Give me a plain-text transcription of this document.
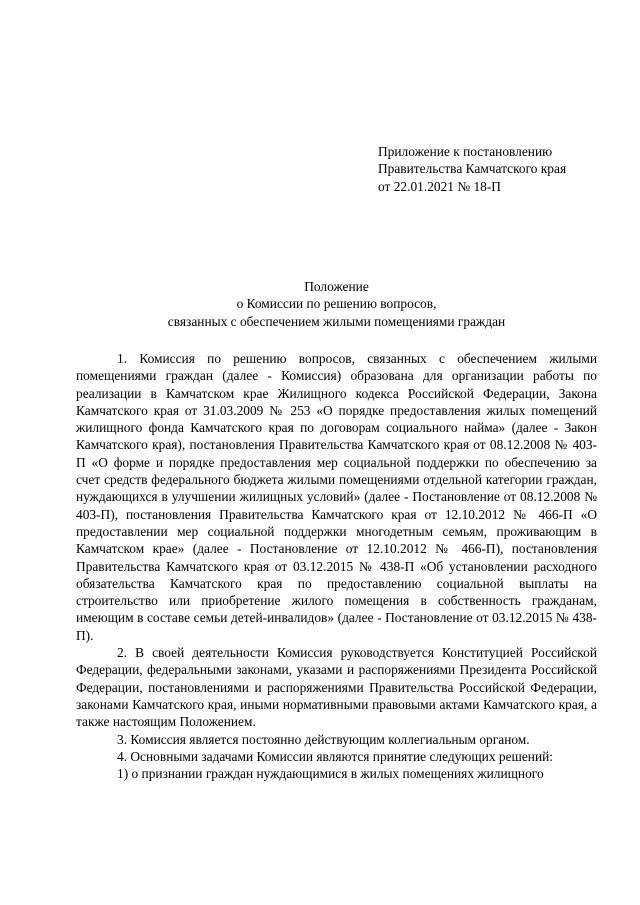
Приложение к постановлению
Правительства Камчатского края
от 22.01.2021 № 18-П
Положение
о Комиссии по решению вопросов,
связанных с обеспечением жилыми помещениями граждан

1. Комиссия по решению вопросов, связанных с обеспечением жилыми помещениями граждан (далее - Комиссия) образована для организации работы по реализации в Камчатском крае Жилищного кодекса Российской Федерации, Закона Камчатского края от 31.03.2009 № 253 «О порядке предоставления жилых помещений жилищного фонда Камчатского края по договорам социального найма» (далее - Закон Камчатского края), постановления Правительства Камчатского края от 08.12.2008 № 403-П «О форме и порядке предоставления мер социальной поддержки по обеспечению за счет средств федерального бюджета жилыми помещениями отдельной категории граждан, нуждающихся в улучшении жилищных условий» (далее - Постановление от 08.12.2008 № 403-П), постановления Правительства Камчатского края от 12.10.2012 № 466-П «О предоставлении мер социальной поддержки многодетным семьям, проживающим в Камчатском крае» (далее - Постановление от 12.10.2012 № 466-П), постановления Правительства Камчатского края от 03.12.2015 № 438-П «Об установлении расходного обязательства Камчатского края по предоставлению социальной выплаты на строительство или приобретение жилого помещения в собственность гражданам, имеющим в составе семьи детей-инвалидов» (далее - Постановление от 03.12.2015 № 438-П).

2. В своей деятельности Комиссия руководствуется Конституцией Российской Федерации, федеральными законами, указами и распоряжениями Президента Российской Федерации, постановлениями и распоряжениями Правительства Российской Федерации, законами Камчатского края, иными нормативными правовыми актами Камчатского края, а также настоящим Положением.

3. Комиссия является постоянно действующим коллегиальным органом.

4. Основными задачами Комиссии являются принятие следующих решений:

1) о признании граждан нуждающимися в жилых помещениях жилищного
